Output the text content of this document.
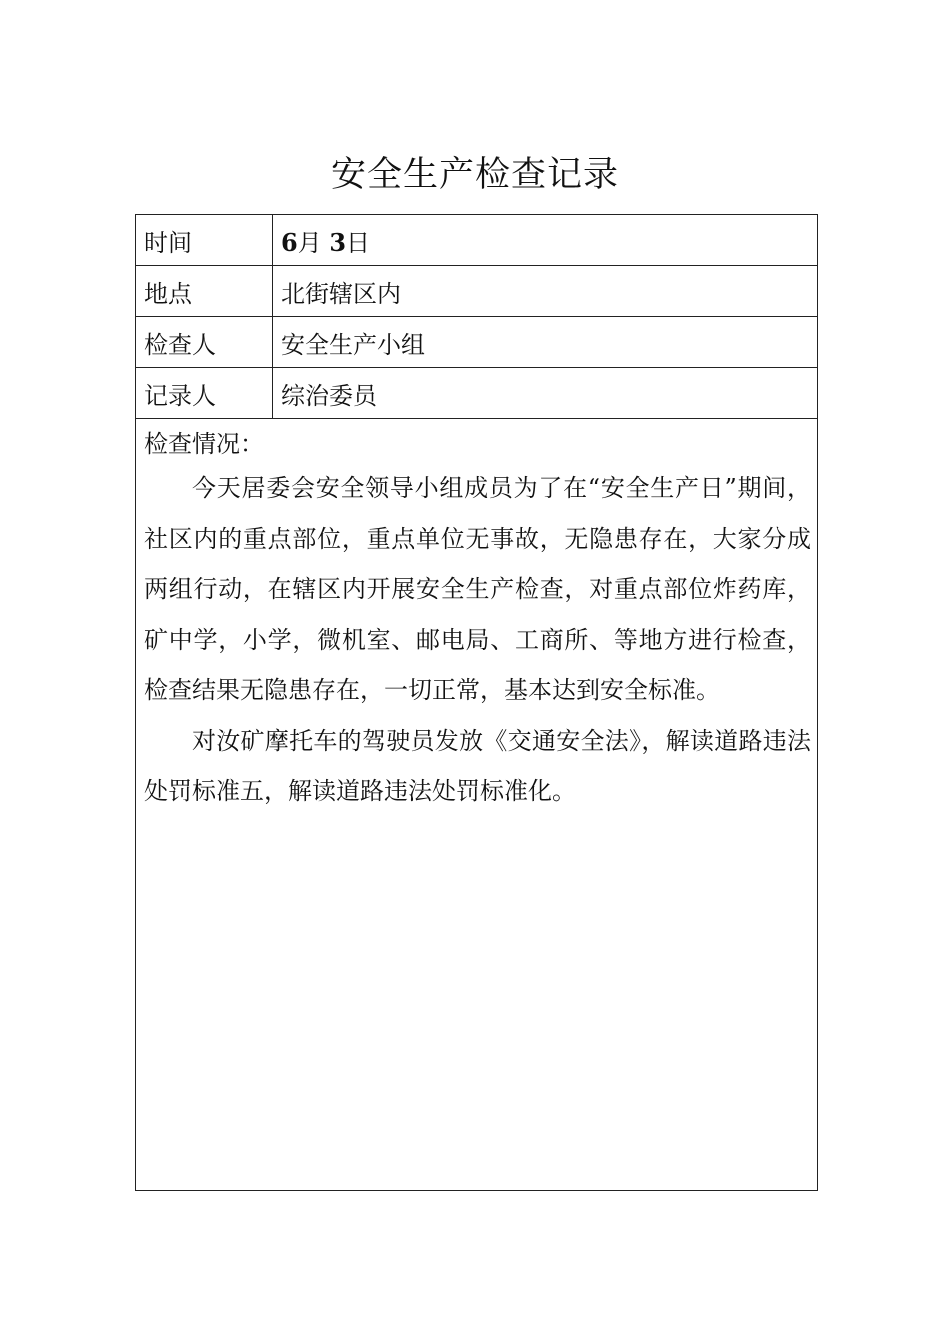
安全生产检查记录
时间	6月 3日
地点	北街辖区内
检查人	安全生产小组
记录人	综治委员

检查情况：

今天居委会安全领导小组成员为了在“安全生产日”期间，社区内的重点部位，重点单位无事故，无隐患存在，大家分成两组行动，在辖区内开展安全生产检查，对重点部位炸药库，矿中学，小学，微机室、邮电局、工商所、等地方进行检查，检查结果无隐患存在，一切正常，基本达到安全标准。

对汝矿摩托车的驾驶员发放《交通安全法》，解读道路违法处罚标准五，解读道路违法处罚标准化。	
